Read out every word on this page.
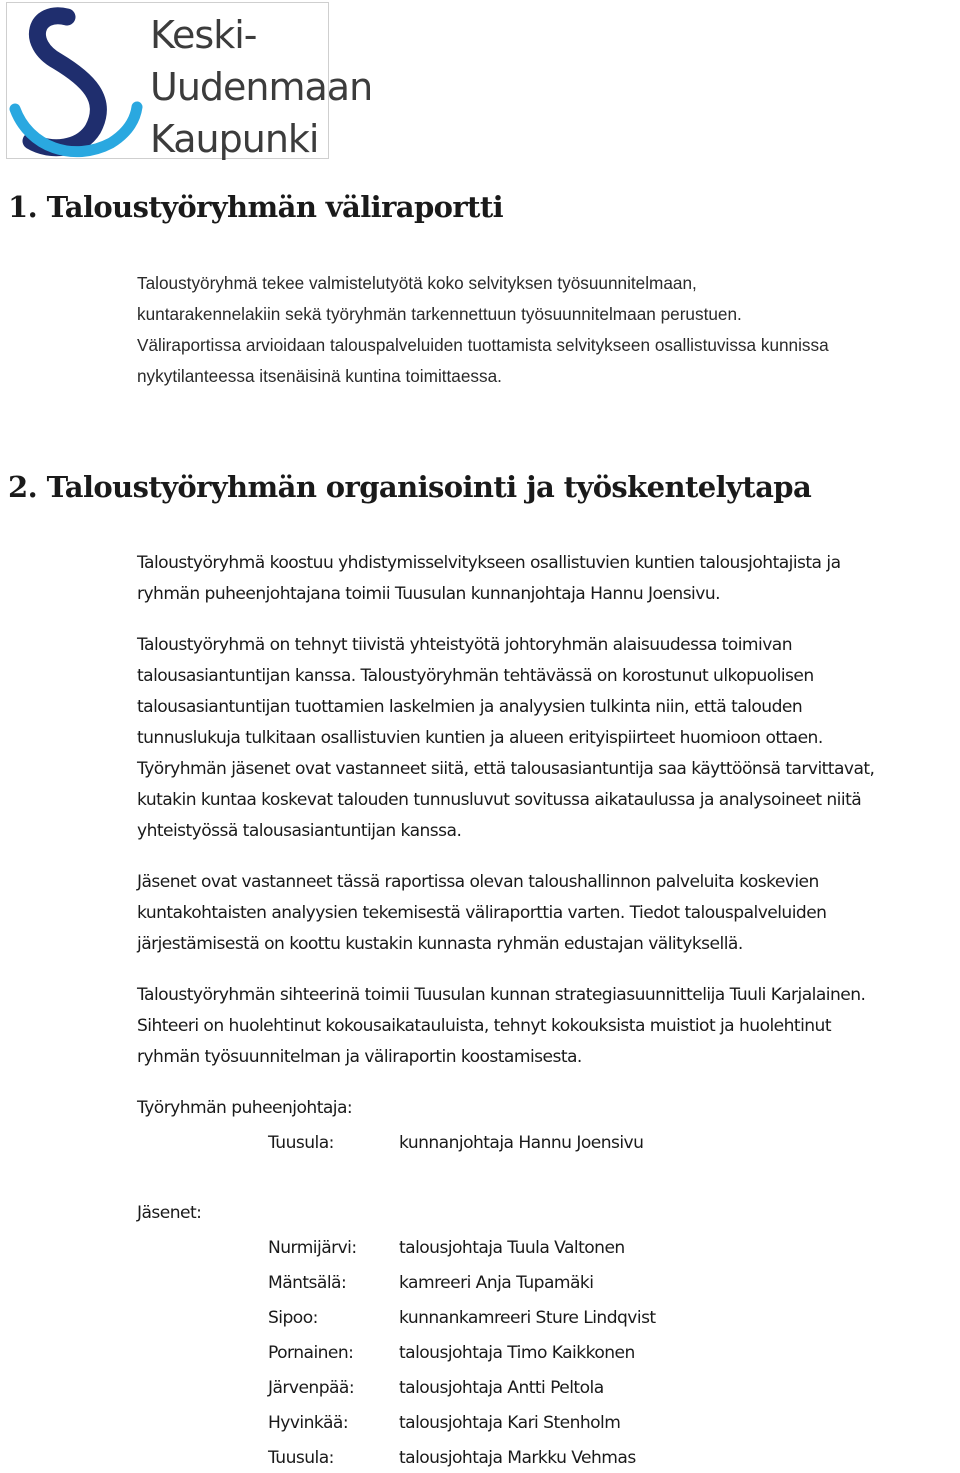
Keski-
Uudenmaan
Kaupunki
1. Taloustyöryhmän väliraportti
Taloustyöryhmä tekee valmistelutyötä koko selvityksen työsuunnitelmaan,
kuntarakennelakiin sekä työryhmän tarkennettuun työsuunnitelmaan perustuen.
Väliraportissa arvioidaan talouspalveluiden tuottamista selvitykseen osallistuvissa kunnissa
nykytilanteessa itsenäisinä kuntina toimittaessa.
2. Taloustyöryhmän organisointi ja työskentelytapa
Taloustyöryhmä koostuu yhdistymisselvitykseen osallistuvien kuntien talousjohtajista ja
ryhmän puheenjohtajana toimii Tuusulan kunnanjohtaja Hannu Joensivu.
Taloustyöryhmä on tehnyt tiivistä yhteistyötä johtoryhmän alaisuudessa toimivan
talousasiantuntijan kanssa. Taloustyöryhmän tehtävässä on korostunut ulkopuolisen
talousasiantuntijan tuottamien laskelmien ja analyysien tulkinta niin, että talouden
tunnuslukuja tulkitaan osallistuvien kuntien ja alueen erityispiirteet huomioon ottaen.
Työryhmän jäsenet ovat vastanneet siitä, että talousasiantuntija saa käyttöönsä tarvittavat,
kutakin kuntaa koskevat talouden tunnusluvut sovitussa aikataulussa ja analysoineet niitä
yhteistyössä talousasiantuntijan kanssa.
Jäsenet ovat vastanneet tässä raportissa olevan taloushallinnon palveluita koskevien
kuntakohtaisten analyysien tekemisestä väliraporttia varten. Tiedot talouspalveluiden
järjestämisestä on koottu kustakin kunnasta ryhmän edustajan välityksellä.
Taloustyöryhmän sihteerinä toimii Tuusulan kunnan strategiasuunnittelija Tuuli Karjalainen.
Sihteeri on huolehtinut kokousaikatauluista, tehnyt kokouksista muistiot ja huolehtinut
ryhmän työsuunnitelman ja väliraportin koostamisesta.
Työryhmän puheenjohtaja:
Tuusula:	kunnanjohtaja Hannu Joensivu
Jäsenet:
Nurmijärvi: talousjohtaja Tuula Valtonen
Mäntsälä:	kamreeri Anja Tupamäki
Sipoo:	kunnankamreeri Sture Lindqvist
Pornainen:	talousjohtaja Timo Kaikkonen
Järvenpää:	talousjohtaja Antti Peltola
Hyvinkää:	talousjohtaja Kari Stenholm
Tuusula:	talousjohtaja Markku Vehmas
